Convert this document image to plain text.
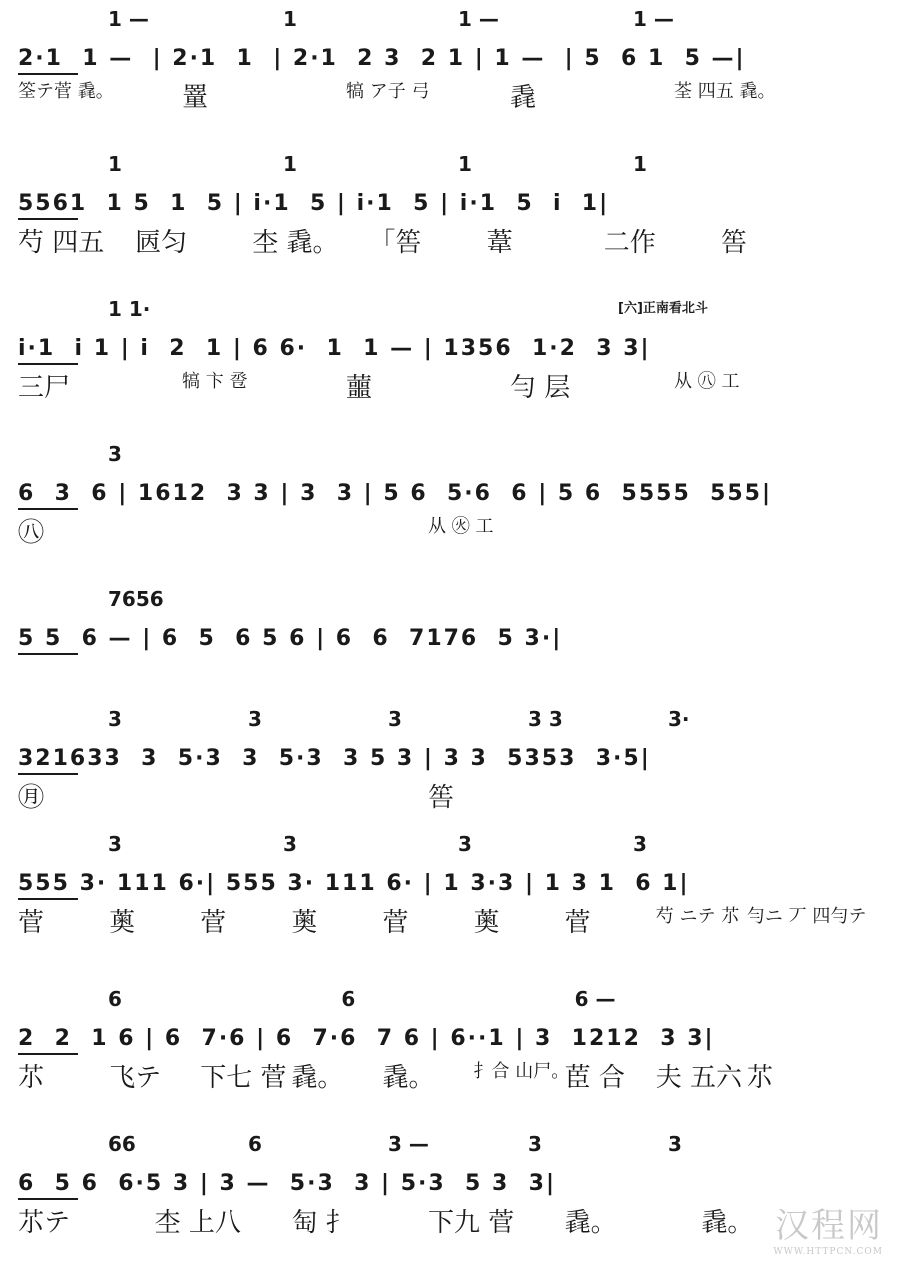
1 —	1	1 —	1 —
2·1  1 —  | 2·1  1  | 2·1  2 3  2 1 | 1 —  | 5  6 1  5 —|
筌テ菅 毳。	罿	犒 ア子 弓	毳	荃 四五 毳。
1	1	1	1
5561  1 5  1  5 | i·1  5 | i·1  5 | i·1  5  i  1|
芍 四五 㔷匀	杢 毳。 「筶	葦	二作	筶
1 1·	[六]正南看北斗
i·1  i 1 | i  2  1 | 6 6·  1  1 — | 1356  1·2  3 3|
三尸	犒 卞 卺	蘁	勻 层	从 ㊇ 工
3
6  3  6 | 1612  3 3 | 3  3 | 5 6  5·6  6 | 5 6  5555  555|
㊇	从 ㊋ 工
7656
5 5  6 — | 6  5  6 5 6 | 6  6  7176  5 3·|
3	3	3	3 3	3·
321633  3  5·3  3  5·3  3 5 3 | 3 3  5353  3·5|
㊊	筶
3	3	3	3
555 3· 111 6·| 555 3· 111 6· | 1 3·3 | 1 3 1  6 1|
菅	薁	菅	薁	菅	薁	菅	芍 ニテ 䒕 勻ニ 丆 四勻テ
6	6	6 —
2  2  1 6 | 6  7·6 | 6  7·6  7 6 | 6··1 | 3  1212  3 3|
䒕	飞テ 下七 菅 毳。 毳。 扌合 山尸。
茞 合 夫 五六 䒕
66	6	3 —	3	3
6  5 6  6·5 3 | 3 —  5·3  3 | 5·3  5 3  3|
䒕テ	杢 上八 匋 扌	下九 菅 毳。	毳。 汉程网
WWW.HTTPCN.COM
